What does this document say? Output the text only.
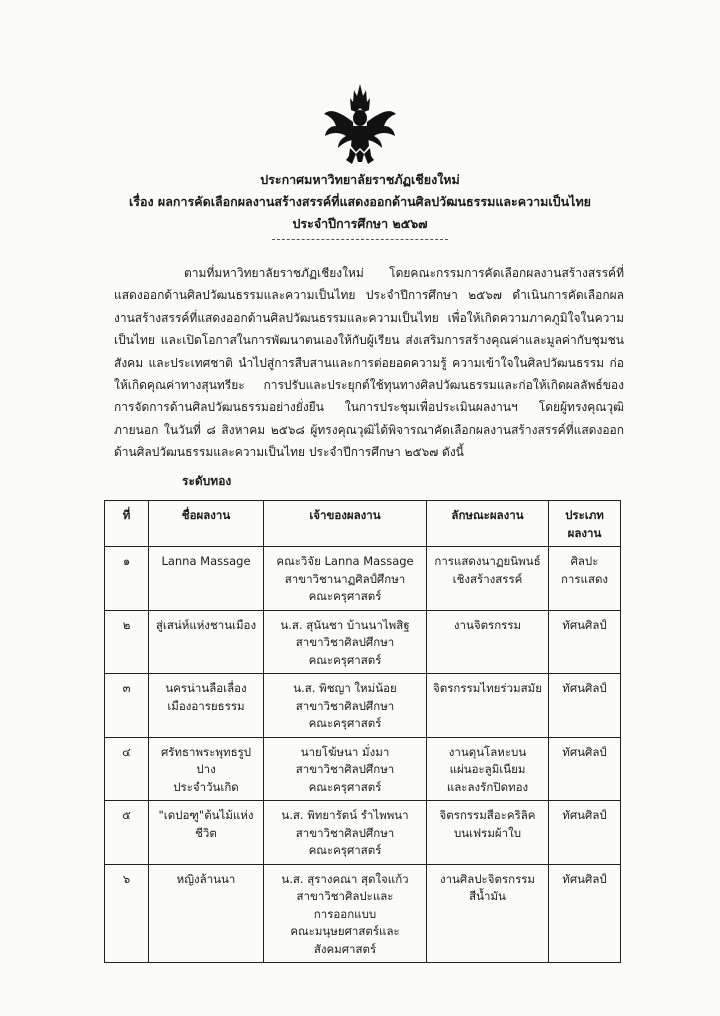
ประกาศมหาวิทยาลัยราชภัฏเชียงใหม่
เรื่อง ผลการคัดเลือกผลงานสร้างสรรค์ที่แสดงออกด้านศิลปวัฒนธรรมและความเป็นไทย
ประจำปีการศึกษา ๒๕๖๗
ตามที่มหาวิทยาลัยราชภัฏเชียงใหม่ โดยคณะกรรมการคัดเลือกผลงานสร้างสรรค์ที่แสดงออกด้านศิลปวัฒนธรรมและความเป็นไทย ประจำปีการศึกษา ๒๕๖๗ ดำเนินการคัดเลือกผลงานสร้างสรรค์ที่แสดงออกด้านศิลปวัฒนธรรมและความเป็นไทย เพื่อให้เกิดความภาคภูมิใจในความเป็นไทย และเปิดโอกาสในการพัฒนาตนเองให้กับผู้เรียน ส่งเสริมการสร้างคุณค่าและมูลค่ากับชุมชน สังคม และประเทศชาติ นำไปสู่การสืบสานและการต่อยอดความรู้ ความเข้าใจในศิลปวัฒนธรรม ก่อให้เกิดคุณค่าทางสุนทรียะ การปรับและประยุกต์ใช้ทุนทางศิลปวัฒนธรรมและก่อให้เกิดผลลัพธ์ของการจัดการด้านศิลปวัฒนธรรมอย่างยั่งยืน ในการประชุมเพื่อประเมินผลงานฯ โดยผู้ทรงคุณวุฒิภายนอก ในวันที่ ๘ สิงหาคม ๒๕๖๘ ผู้ทรงคุณวุฒิได้พิจารณาคัดเลือกผลงานสร้างสรรค์ที่แสดงออกด้านศิลปวัฒนธรรมและความเป็นไทย ประจำปีการศึกษา ๒๕๖๗ ดังนี้
ระดับทอง
ที่	ชื่อผลงาน	เจ้าของผลงาน	ลักษณะผลงาน	ประเภท
ผลงาน
๑	Lanna Massage	คณะวิจัย Lanna Massage
สาขาวิชานาฏศิลป์ศึกษา
คณะครุศาสตร์	การแสดงนาฏยนิพนธ์
เชิงสร้างสรรค์	ศิลปะ
การแสดง
๒	สู่เสน่ห์แห่งชานเมือง	น.ส. สุนันชา บ้านนาไพสิฐ
สาขาวิชาศิลปศึกษา
คณะครุศาสตร์	งานจิตรกรรม	ทัศนศิลป์
๓	นครน่านลือเลื่อง
เมืองอารยธรรม	น.ส. พิชญา ใหม่น้อย
สาขาวิชาศิลปศึกษา
คณะครุศาสตร์	จิตรกรรมไทยร่วมสมัย	ทัศนศิลป์
๔	ศรัทธาพระพุทธรูปปาง
ประจำวันเกิด	นายโฆ้ษนา มั่งมา
สาขาวิชาศิลปศึกษา
คณะครุศาสตร์	งานดุนโลหะบน
แผ่นอะลูมิเนียม
และลงรักปิดทอง	ทัศนศิลป์
๕	"เดปอฑู"ต้นไม้แห่ง
ชีวิต	น.ส. พิทยารัตน์ รำไพพนา
สาขาวิชาศิลปศึกษา
คณะครุศาสตร์	จิตรกรรมสีอะคริลิค
บนเฟรมผ้าใบ	ทัศนศิลป์
๖	หญิงล้านนา	น.ส. สุรางคณา สุดใจแก้ว
สาขาวิชาศิลปะและ
การออกแบบ
คณะมนุษยศาสตร์และ
สังคมศาสตร์	งานศิลปะจิตรกรรม
สีน้ำมัน	ทัศนศิลป์
